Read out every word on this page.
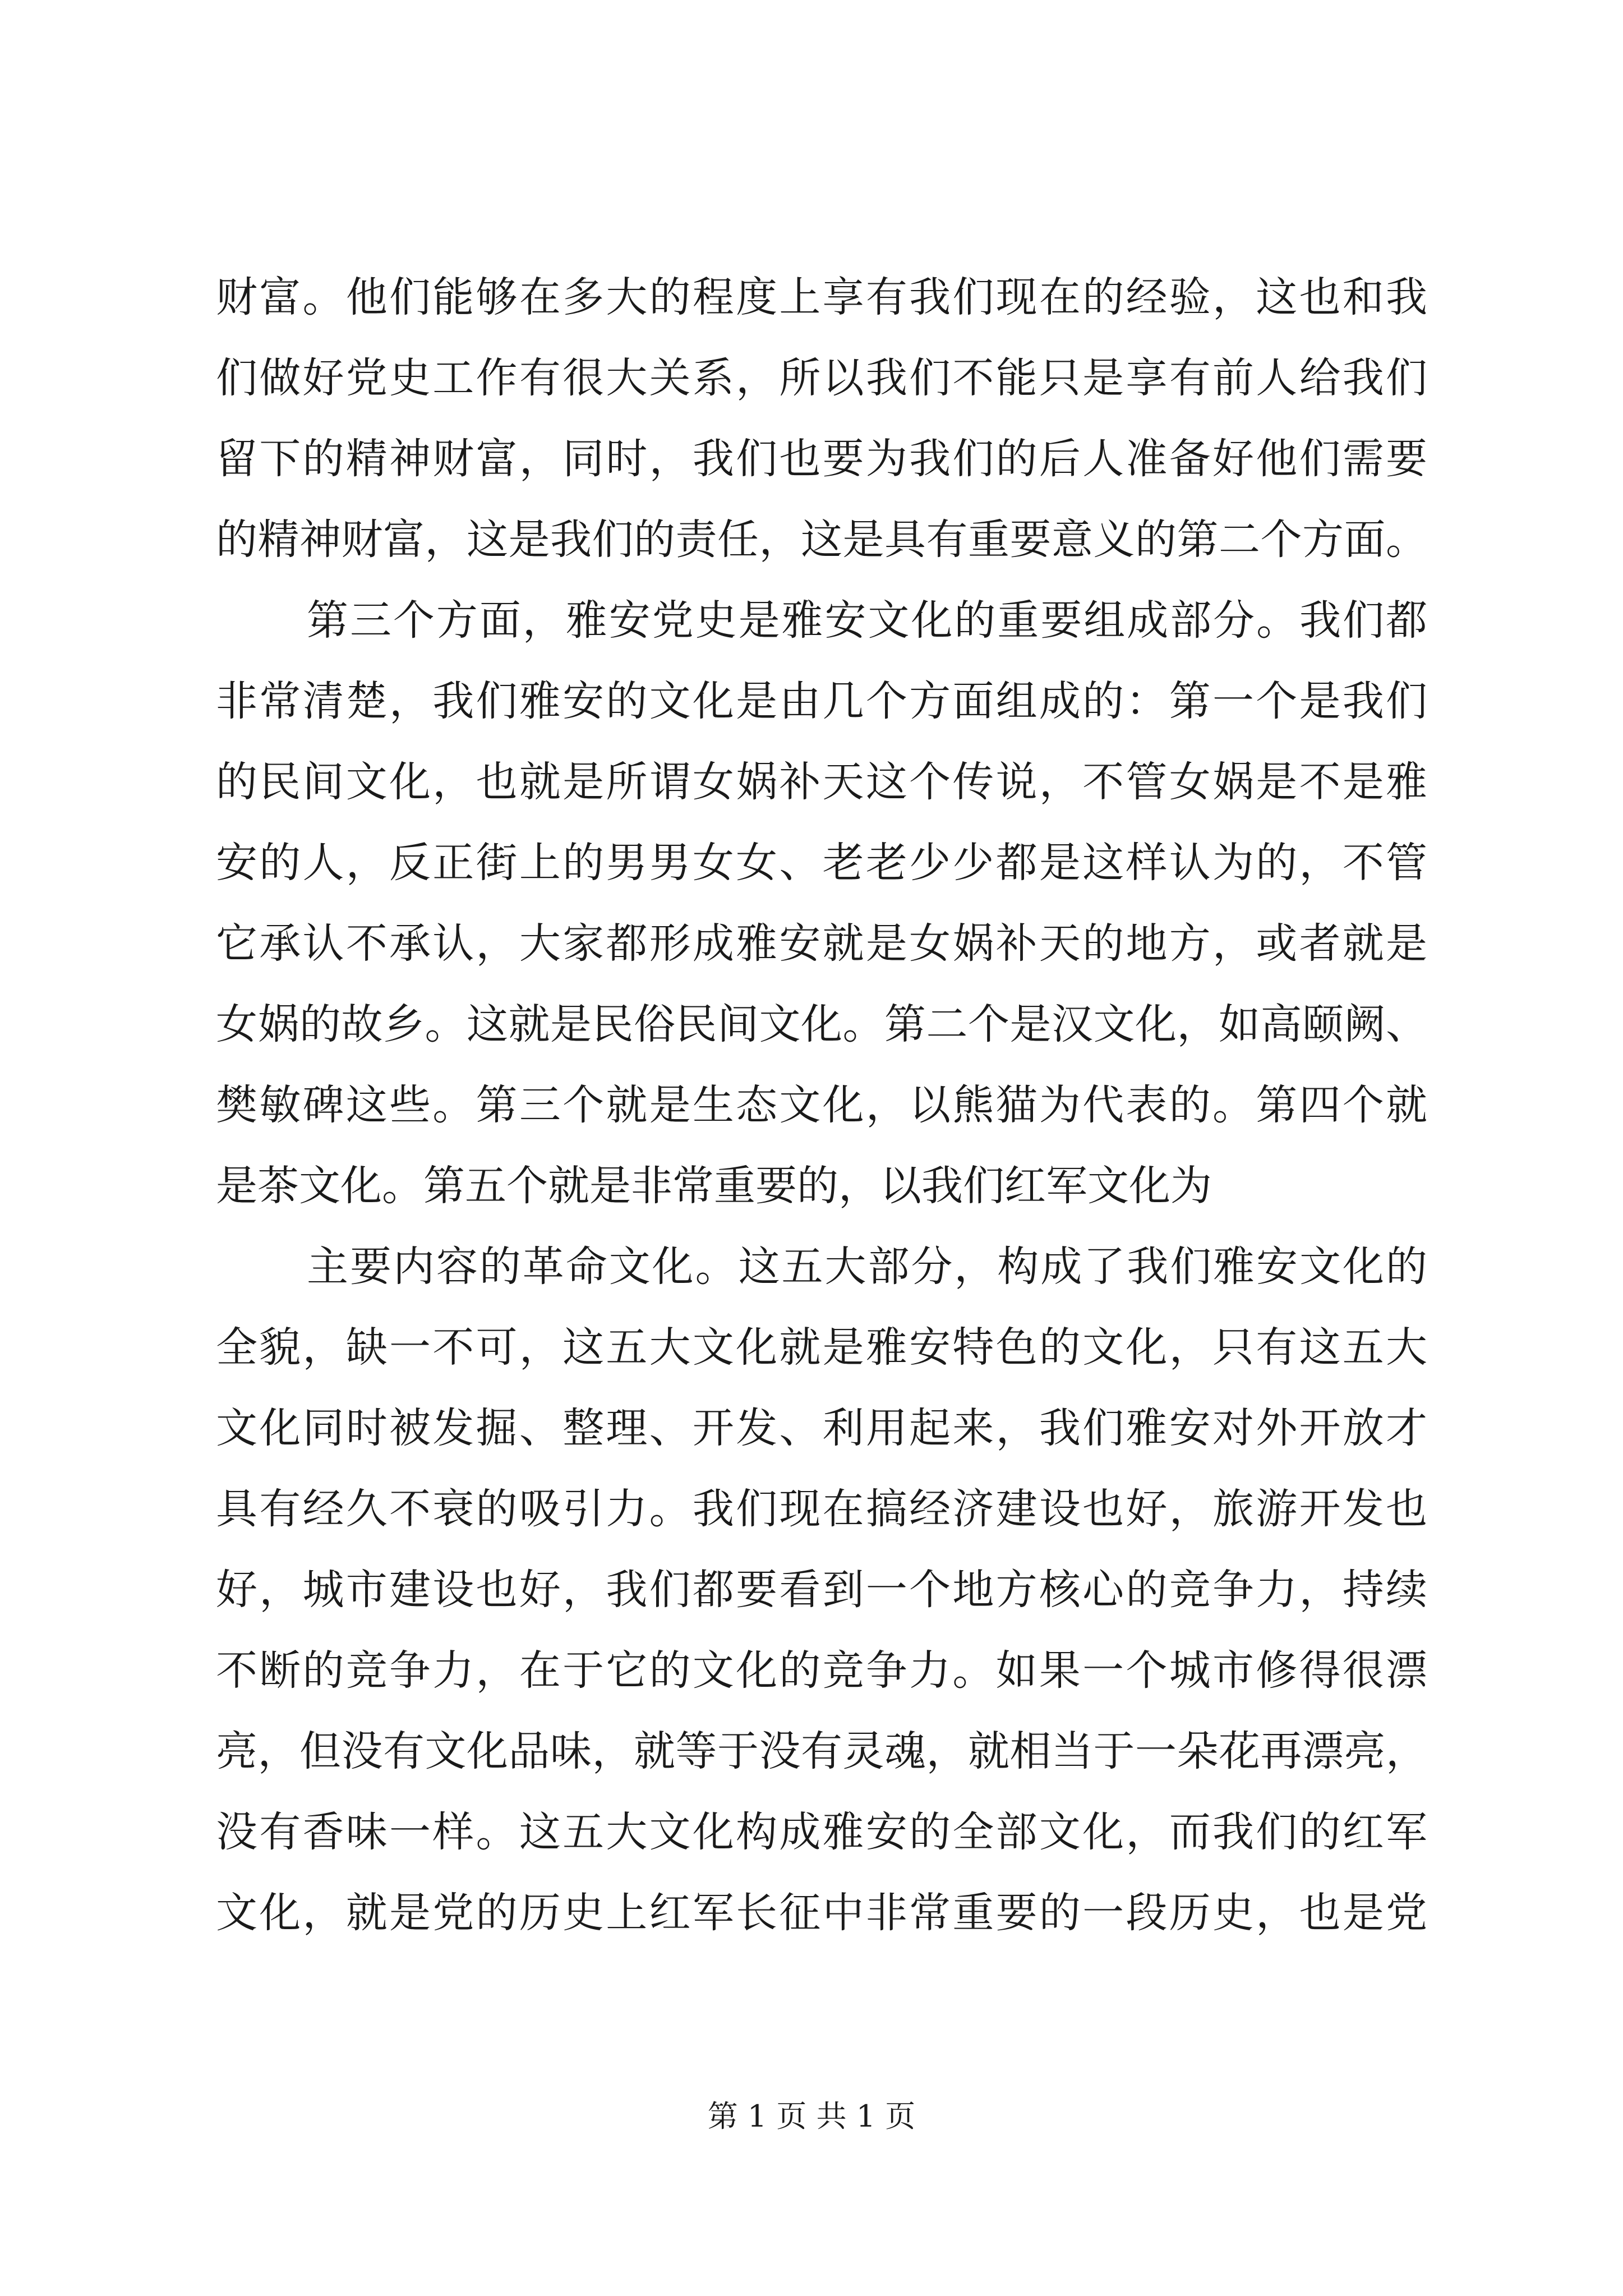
财富。他们能够在多大的程度上享有我们现在的经验，这也和我
们做好党史工作有很大关系，所以我们不能只是享有前人给我们
留下的精神财富，同时，我们也要为我们的后人准备好他们需要
的精神财富，这是我们的责任，这是具有重要意义的第二个方面。
第三个方面，雅安党史是雅安文化的重要组成部分。我们都
非常清楚，我们雅安的文化是由几个方面组成的：第一个是我们
的民间文化，也就是所谓女娲补天这个传说，不管女娲是不是雅
安的人，反正街上的男男女女、老老少少都是这样认为的，不管
它承认不承认，大家都形成雅安就是女娲补天的地方，或者就是
女娲的故乡。这就是民俗民间文化。第二个是汉文化，如高颐阙、
樊敏碑这些。第三个就是生态文化，以熊猫为代表的。第四个就
是茶文化。第五个就是非常重要的，以我们红军文化为
主要内容的革命文化。这五大部分，构成了我们雅安文化的
全貌，缺一不可，这五大文化就是雅安特色的文化，只有这五大
文化同时被发掘、整理、开发、利用起来，我们雅安对外开放才
具有经久不衰的吸引力。我们现在搞经济建设也好，旅游开发也
好，城市建设也好，我们都要看到一个地方核心的竞争力，持续
不断的竞争力，在于它的文化的竞争力。如果一个城市修得很漂
亮，但没有文化品味，就等于没有灵魂，就相当于一朵花再漂亮，
没有香味一样。这五大文化构成雅安的全部文化，而我们的红军
文化，就是党的历史上红军长征中非常重要的一段历史，也是党
第 1 页 共 1 页
